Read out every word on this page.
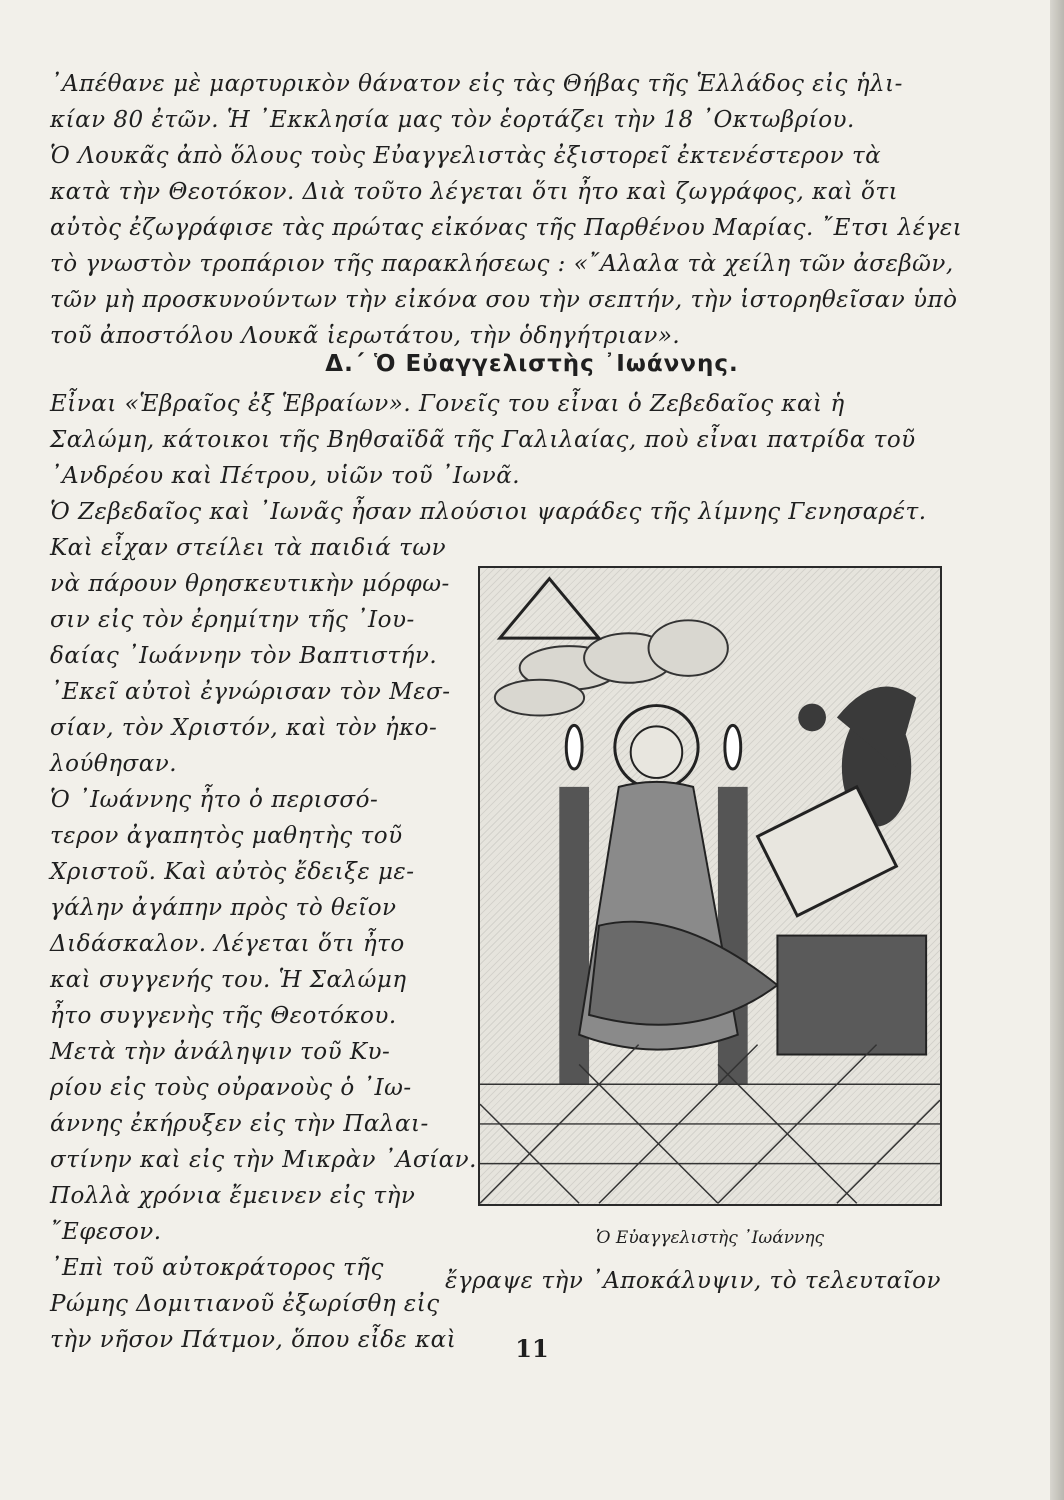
᾿Απέθανε μὲ μαρτυρικὸν θάνατον εἰς τὰς Θήβας τῆς Ἑλλάδος εἰς ἡλι-
κίαν 80 ἐτῶν. Ἡ ᾿Εκκλησία μας τὸν ἑορτάζει τὴν 18 ᾿Οκτωβρίου.
Ὁ Λουκᾶς ἀπὸ ὅλους τοὺς Εὐαγγελιστὰς ἐξιστορεῖ ἐκτενέστερον τὰ
κατὰ τὴν Θεοτόκον. Διὰ τοῦτο λέγεται ὅτι ἦτο καὶ ζωγράφος, καὶ ὅτι
αὐτὸς ἐζωγράφισε τὰς πρώτας εἰκόνας τῆς Παρθένου Μαρίας. ῎Ετσι λέγει
τὸ γνωστὸν τροπάριον τῆς παρακλήσεως : «῎Αλαλα τὰ χείλη τῶν ἀσεβῶν,
τῶν μὴ προσκυνούντων τὴν εἰκόνα σου τὴν σεπτήν, τὴν ἱστορηθεῖσαν ὑπὸ
τοῦ ἀποστόλου Λουκᾶ ἱερωτάτου, τὴν ὁδηγήτριαν».
Δ.΄ Ὁ Εὐαγγελιστὴς ᾿Ιωάννης.
Εἶναι «Ἑβραῖος ἐξ Ἑβραίων». Γονεῖς του εἶναι ὁ Ζεβεδαῖος καὶ ἡ
Σαλώμη, κάτοικοι τῆς Βηθσαϊδᾶ τῆς Γαλιλαίας, ποὺ εἶναι πατρίδα τοῦ
᾿Ανδρέου καὶ Πέτρου, υἱῶν τοῦ ᾿Ιωνᾶ.
Ὁ Ζεβεδαῖος καὶ ᾿Ιωνᾶς ἦσαν πλούσιοι ψαράδες τῆς λίμνης Γενησαρέτ.
Καὶ εἶχαν στείλει τὰ παιδιά των
νὰ πάρουν θρησκευτικὴν μόρφω-
σιν εἰς τὸν ἐρημίτην τῆς ᾿Ιου-
δαίας ᾿Ιωάννην τὸν Βαπτιστήν.
᾿Εκεῖ αὐτοὶ ἐγνώρισαν τὸν Μεσ-
σίαν, τὸν Χριστόν, καὶ τὸν ἠκο-
λούθησαν.
Ὁ ᾿Ιωάννης ἦτο ὁ περισσό-
τερον ἀγαπητὸς μαθητὴς τοῦ
Χριστοῦ. Καὶ αὐτὸς ἔδειξε με-
γάλην ἀγάπην πρὸς τὸ θεῖον
Διδάσκαλον. Λέγεται ὅτι ἦτο
καὶ συγγενής του. Ἡ Σαλώμη
ἦτο συγγενὴς τῆς Θεοτόκου.
Μετὰ τὴν ἀνάληψιν τοῦ Κυ-
ρίου εἰς τοὺς οὐρανοὺς ὁ ᾿Ιω-
άννης ἐκήρυξεν εἰς τὴν Παλαι-
στίνην καὶ εἰς τὴν Μικρὰν ᾿Ασίαν.
Πολλὰ χρόνια ἔμεινεν εἰς τὴν
῎Εφεσον.
᾿Επὶ τοῦ αὐτοκράτορος τῆς
Ρώμης Δομιτιανοῦ ἐξωρίσθη εἰς
τὴν νῆσον Πάτμον, ὅπου εἶδε καὶ
Ὁ Εὐαγγελιστὴς ᾿Ιωάννης
ἔγραψε τὴν ᾿Αποκάλυψιν, τὸ τελευταῖον
11
